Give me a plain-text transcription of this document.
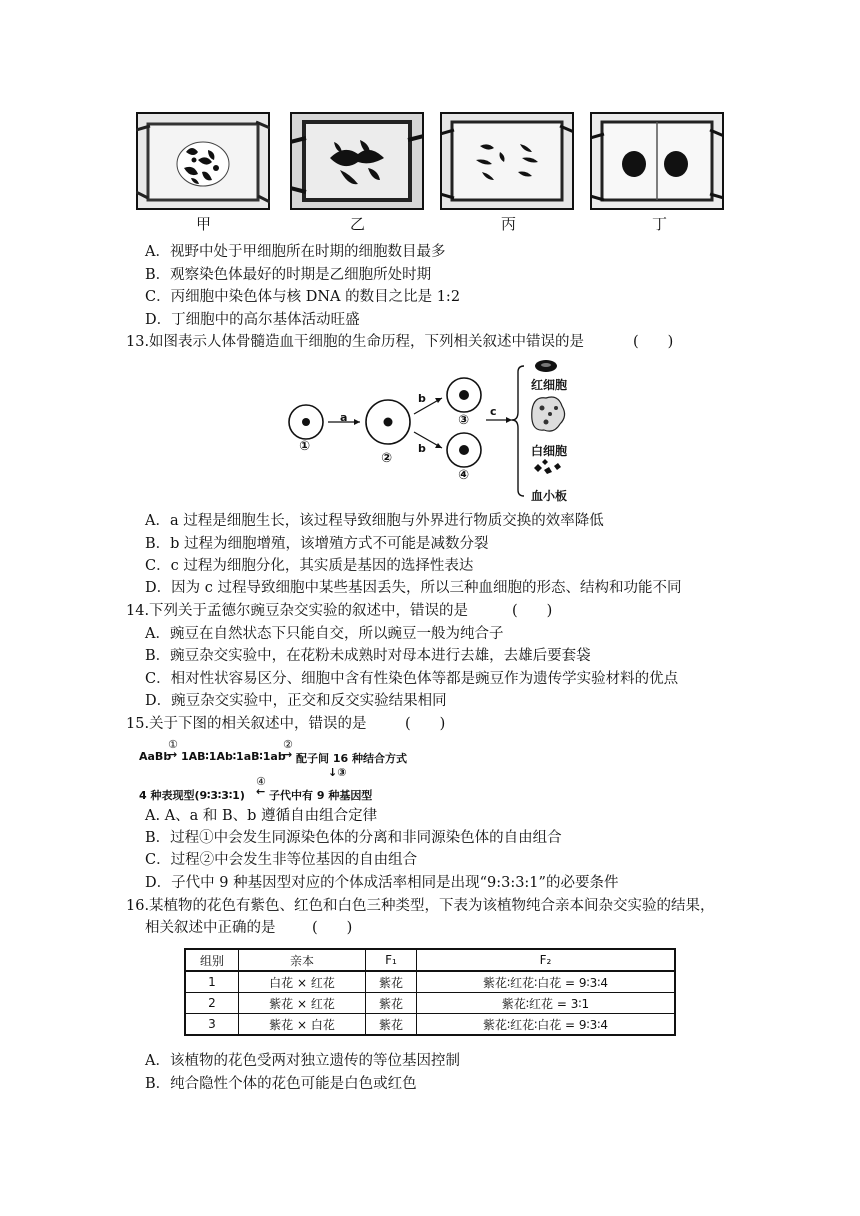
甲	乙	丙	丁
A．视野中处于甲细胞所在时期的细胞数目最多
B．观察染色体最好的时期是乙细胞所处时期
C．丙细胞中染色体与核 DNA 的数目之比是 1:2
D．丁细胞中的高尔基体活动旺盛
13.如图表示人体骨髓造血干细胞的生命历程，下列相关叙述中错误的是	(　　)
a
b
b
c
①
②
③
④
红细胞
白细胞
血小板
A．a 过程是细胞生长，该过程导致细胞与外界进行物质交换的效率降低
B．b 过程为细胞增殖，该增殖方式不可能是减数分裂
C．c 过程为细胞分化，其实质是基因的选择性表达
D．因为 c 过程导致细胞中某些基因丢失，所以三种血细胞的形态、结构和功能不同
14.下列关于孟德尔豌豆杂交实验的叙述中，错误的是	(　　)
A．豌豆在自然状态下只能自交，所以豌豆一般为纯合子
B．豌豆杂交实验中，在花粉未成熟时对母本进行去雄，去雄后要套袋
C．相对性状容易区分、细胞中含有性染色体等都是豌豆作为遗传学实验材料的优点
D．豌豆杂交实验中，正交和反交实验结果相同
15.关于下图的相关叙述中，错误的是	(　　)
AaBb
①
→ 1AB∶1Ab∶1aB∶1ab
②
→ 配子间 16 种结合方式
↓③
4 种表现型(9∶3∶3∶1)
④
← 子代中有 9 种基因型
A. A、a 和 B、b 遵循自由组合定律
B．过程①中会发生同源染色体的分离和非同源染色体的自由组合
C．过程②中会发生非等位基因的自由组合
D．子代中 9 种基因型对应的个体成活率相同是出现“9:3:3:1”的必要条件
16.某植物的花色有紫色、红色和白色三种类型，下表为该植物纯合亲本间杂交实验的结果，
相关叙述中正确的是	(　　)
组别	亲本	F₁	F₂
1	白花 × 红花	紫花	紫花∶红花∶白花 = 9∶3∶4
2	紫花 × 红花	紫花	紫花∶红花 = 3∶1
3	紫花 × 白花	紫花	紫花∶红花∶白花 = 9∶3∶4
A．该植物的花色受两对独立遗传的等位基因控制
B．纯合隐性个体的花色可能是白色或红色
